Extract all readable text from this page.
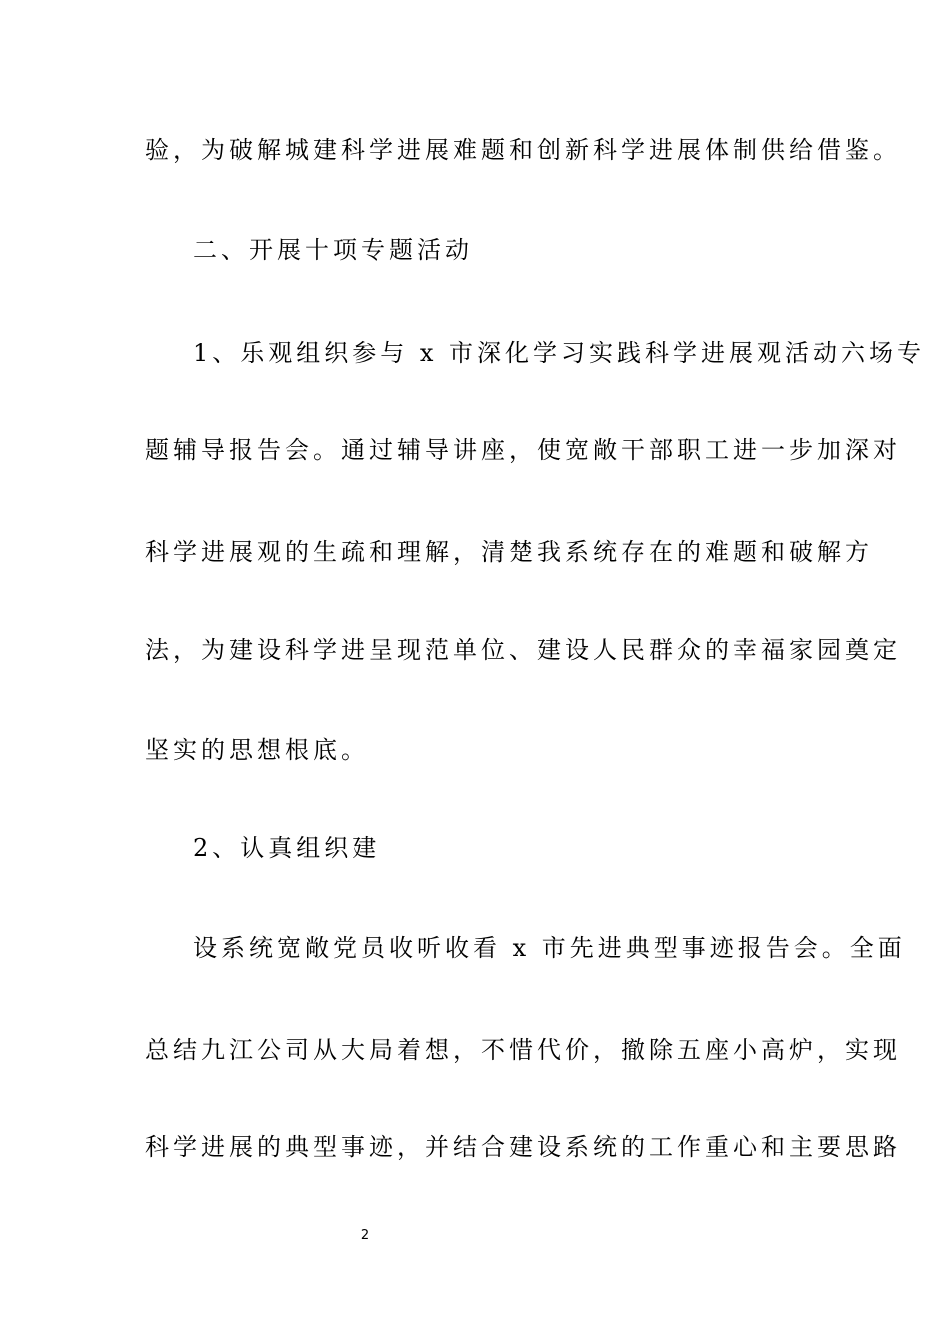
验，为破解城建科学进展难题和创新科学进展体制供给借鉴。
二、开展十项专题活动
1、乐观组织参与 x 市深化学习实践科学进展观活动六场专
题辅导报告会。通过辅导讲座，使宽敞干部职工进一步加深对
科学进展观的生疏和理解，清楚我系统存在的难题和破解方
法，为建设科学进呈现范单位、建设人民群众的幸福家园奠定
坚实的思想根底。
2、认真组织建
设系统宽敞党员收听收看 x 市先进典型事迹报告会。全面
总结九江公司从大局着想，不惜代价，撤除五座小高炉，实现
科学进展的典型事迹，并结合建设系统的工作重心和主要思路
2
